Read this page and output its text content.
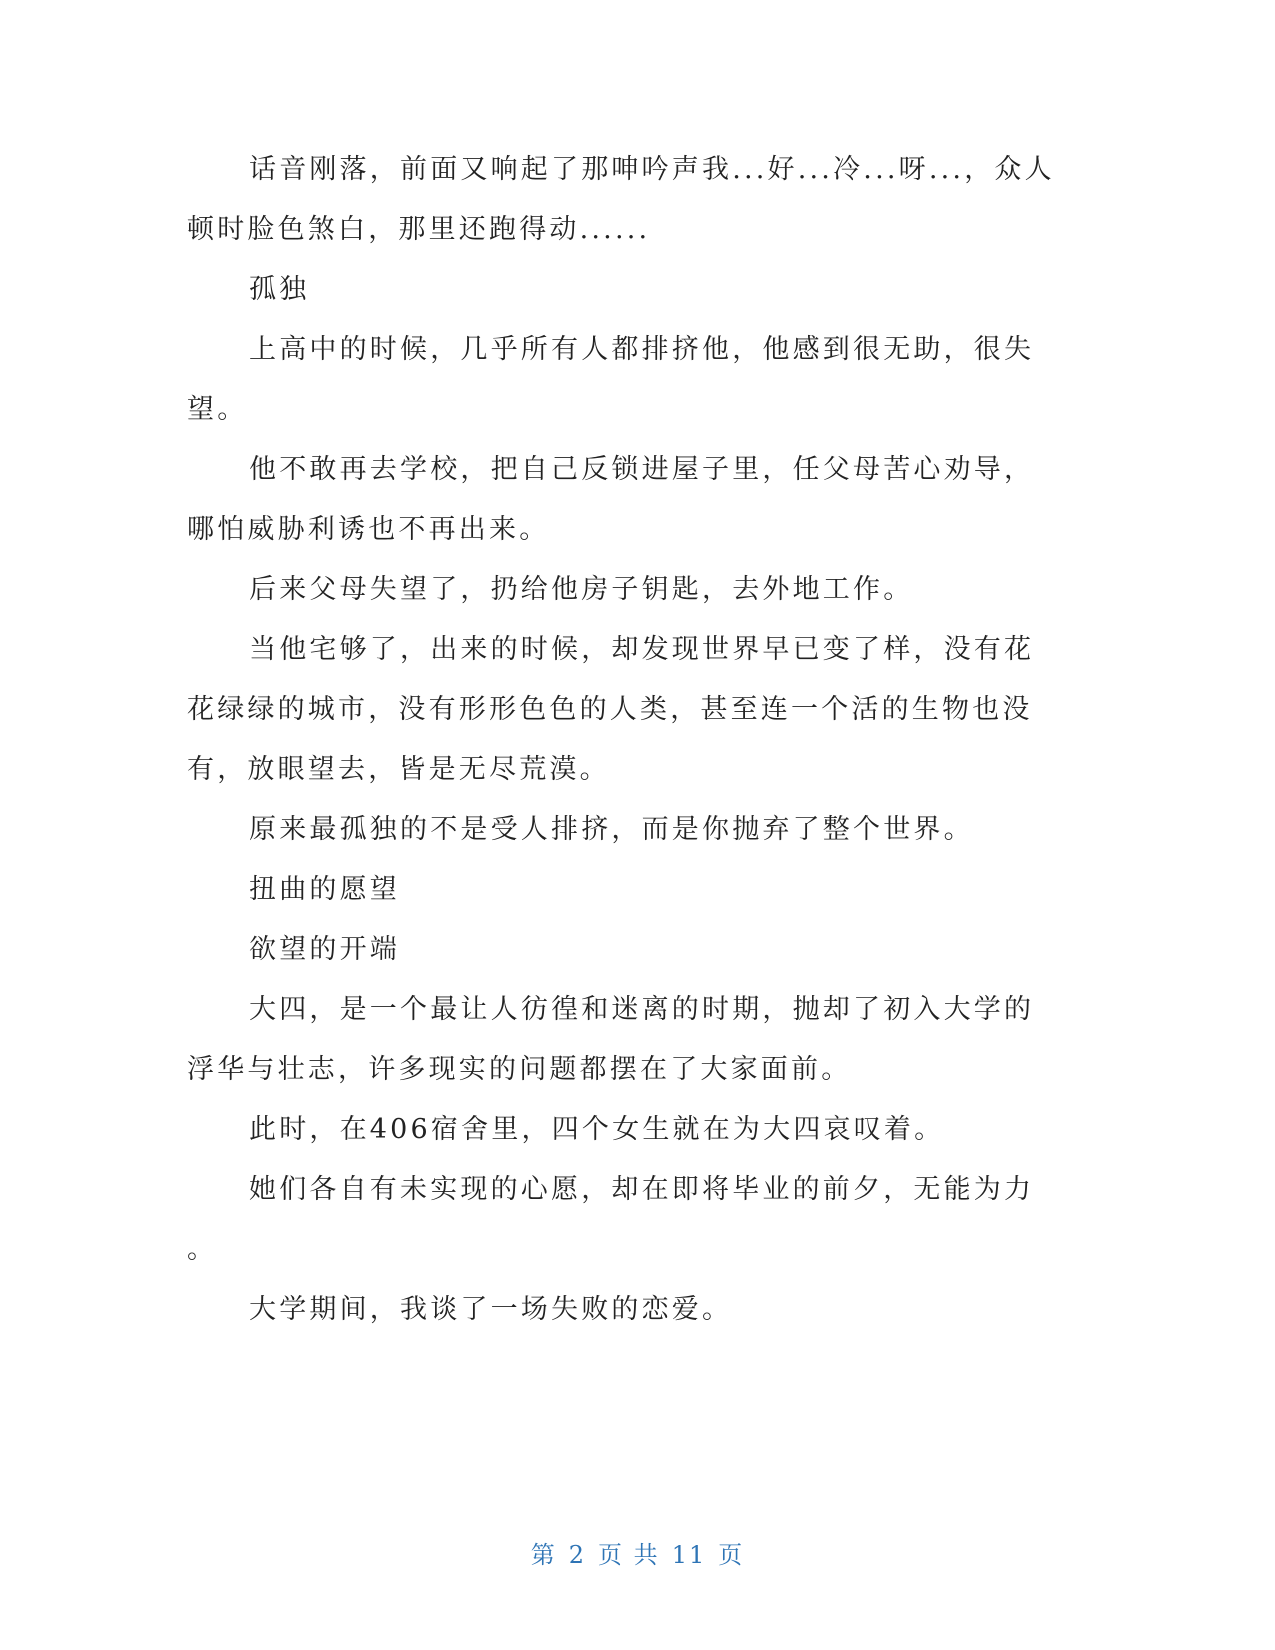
话音刚落，前面又响起了那呻吟声我...好...冷...呀...，众人顿时脸色煞白，那里还跑得动......

孤独

上高中的时候，几乎所有人都排挤他，他感到很无助，很失望。

他不敢再去学校，把自己反锁进屋子里，任父母苦心劝导，哪怕威胁利诱也不再出来。

后来父母失望了，扔给他房子钥匙，去外地工作。

当他宅够了，出来的时候，却发现世界早已变了样，没有花花绿绿的城市，没有形形色色的人类，甚至连一个活的生物也没有，放眼望去，皆是无尽荒漠。

原来最孤独的不是受人排挤，而是你抛弃了整个世界。

扭曲的愿望

欲望的开端

大四，是一个最让人彷徨和迷离的时期，抛却了初入大学的浮华与壮志，许多现实的问题都摆在了大家面前。

此时，在406宿舍里，四个女生就在为大四哀叹着。

她们各自有未实现的心愿，却在即将毕业的前夕，无能为力

。

大学期间，我谈了一场失败的恋爱。

第 2 页 共 11 页
